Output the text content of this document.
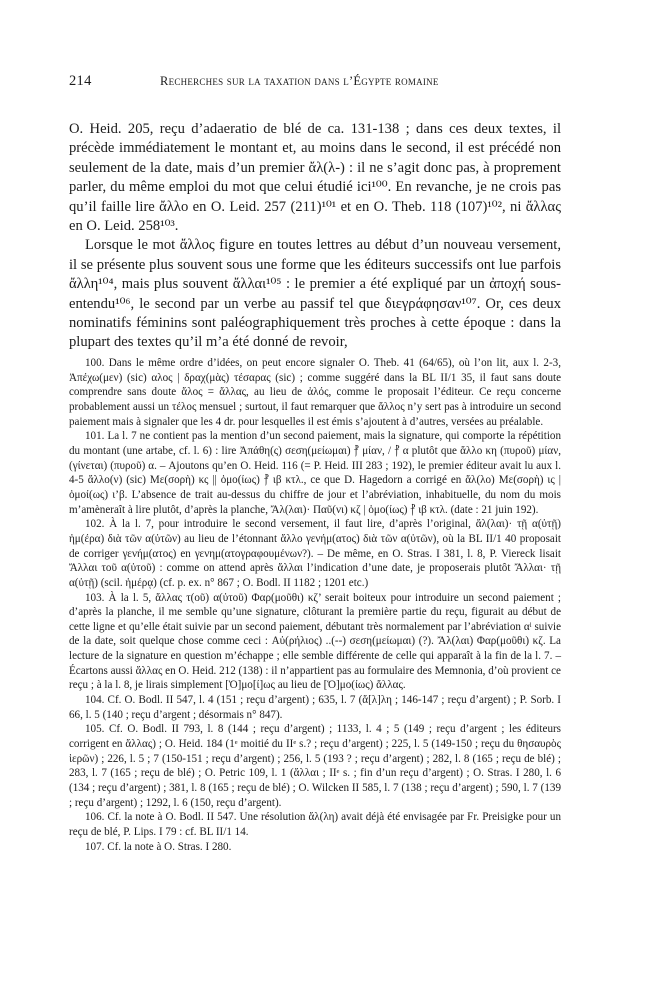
214	Recherches sur la taxation dans l’Égypte romaine

O. Heid. 205, reçu d’adaeratio de blé de ca. 131-138 ; dans ces deux textes, il précède immédiatement le montant et, au moins dans le second, il est précédé non seulement de la date, mais d’un premier ἄλ(λ-) : il ne s’agit donc pas, à proprement parler, du même emploi du mot que celui étudié ici¹⁰⁰. En revanche, je ne crois pas qu’il faille lire ἄλλο en O. Leid. 257 (211)¹⁰¹ et en O. Theb. 118 (107)¹⁰², ni ἄλλας en O. Leid. 258¹⁰³.

Lorsque le mot ἄλλος figure en toutes lettres au début d’un nouveau versement, il se présente plus souvent sous une forme que les éditeurs successifs ont lue parfois ἄλλη¹⁰⁴, mais plus souvent ἄλλαι¹⁰⁵ : le premier a été expliqué par un ἀποχή sous-entendu¹⁰⁶, le second par un verbe au passif tel que διεγράφησαν¹⁰⁷. Or, ces deux nominatifs féminins sont paléographiquement très proches à cette époque : dans la plupart des textes qu’il m’a été donné de revoir,

100. Dans le même ordre d’idées, on peut encore signaler O. Theb. 41 (64/65), où l’on lit, aux l. 2-3, Ἀπέχω(μεν) (sic) αλος | δραχ(μὰς) τέσαρας (sic) ; comme suggéré dans la BL II/1 35, il faut sans doute comprendre sans doute ἄλος = ἄλλας, au lieu de ἁλός, comme le proposait l’éditeur. Ce reçu concerne probablement aussi un τέλος mensuel ; surtout, il faut remarquer que ἄλλος n’y sert pas à introduire un second paiement mais à signaler que les 4 dr. pour lesquelles il est émis s’ajoutent à d’autres, versées au préalable.

101. La l. 7 ne contient pas la mention d’un second paiement, mais la signature, qui comporte la répétition du montant (une artabe, cf. l. 6) : lire Ἀπάθη(ς) σεση(μείωμαι) ⳨ μίαν, / ⳨ α plutôt que ἄλλο κη (πυροῦ) μίαν, (γίνεται) (πυροῦ) α. – Ajoutons qu’en O. Heid. 116 (= P. Heid. III 283 ; 192), le premier éditeur avait lu aux l. 4-5 ἄλλο(ν) (sic) Με(σορὴ) κς || ὁμο(ίως) ⳨ ιβ κτλ., ce que D. Hagedorn a corrigé en ἄλ(λο) Με(σορὴ) ις | ὁμοί(ως) ι’β. L’absence de trait au-dessus du chiffre de jour et l’abréviation, inhabituelle, du nom du mois m’amèneraît à lire plutôt, d’après la planche, Ἄλ(λαι)· Παῦ(νι) κζ | ὁμο(ίως) ⳨ ιβ κτλ. (date : 21 juin 192).

102. À la l. 7, pour introduire le second versement, il faut lire, d’après l’original, ἄλ(λαι)· τῇ α(ὐτῇ) ἡμ(έρα) διὰ τῶν α(ὐτῶν) au lieu de l’étonnant ἄλλο γενήμ(ατος) διὰ τῶν α(ὐτῶν), où la BL II/1 40 proposait de corriger γενήμ(ατος) en γενημ(ατογραφουμένων?). – De même, en O. Stras. I 381, l. 8, P. Viereck lisait Ἄλλαι τοῦ α(ὐτοῦ) : comme on attend après ἄλλαι l’indication d’une date, je proposerais plutôt Ἄλλαι· τῇ α(ὐτῇ) (scil. ἡμέρᾳ) (cf. p. ex. n° 867 ; O. Bodl. II 1182 ; 1201 etc.)

103. À la l. 5, ἄλλας τ(οῦ) α(ὐτοῦ) Φαρ(μοῦθι) κζ’ serait boiteux pour introduire un second paiement ; d’après la planche, il me semble qu’une signature, clôturant la première partie du reçu, figurait au début de cette ligne et qu’elle était suivie par un second paiement, débutant très normalement par l’abréviation αˡ suivie de la date, soit quelque chose comme ceci : Αὐ(ρήλιος) ..(--) σεση(μείωμαι) (?). Ἄλ(λαι) Φαρ(μοῦθι) κζ. La lecture de la signature en question m’échappe ; elle semble différente de celle qui apparaît à la fin de la l. 7. – Écartons aussi ἄλλας en O. Heid. 212 (138) : il n’appartient pas au formulaire des Memnonia, d’où provient ce reçu ; à la l. 8, je lirais simplement [Ὁ]μο[ί]ως au lieu de [Ὁ]μο(ίως) ἄλλας.

104. Cf. O. Bodl. II 547, l. 4 (151 ; reçu d’argent) ; 635, l. 7 (ἄ[λ]λη ; 146-147 ; reçu d’argent) ; P. Sorb. I 66, l. 5 (140 ; reçu d’argent ; désormais n° 847).

105. Cf. O. Bodl. II 793, l. 8 (144 ; reçu d’argent) ; 1133, l. 4 ; 5 (149 ; reçu d’argent ; les éditeurs corrigent en ἄλλας) ; O. Heid. 184 (1ᵉ moitié du IIᵉ s.? ; reçu d’argent) ; 225, l. 5 (149-150 ; reçu du θησαυρὸς ἱερῶν) ; 226, l. 5 ; 7 (150-151 ; reçu d’argent) ; 256, l. 5 (193 ? ; reçu d’argent) ; 282, l. 8 (165 ; reçu de blé) ; 283, l. 7 (165 ; reçu de blé) ; O. Petric 109, l. 1 (ἄλλαι ; IIᵉ s. ; fin d’un reçu d’argent) ; O. Stras. I 280, l. 6 (134 ; reçu d’argent) ; 381, l. 8 (165 ; reçu de blé) ; O. Wilcken II 585, l. 7 (138 ; reçu d’argent) ; 590, l. 7 (139 ; reçu d’argent) ; 1292, l. 6 (150, reçu d’argent).

106. Cf. la note à O. Bodl. II 547. Une résolution ἄλ(λη) avait déjà été envisagée par Fr. Preisigke pour un reçu de blé, P. Lips. I 79 : cf. BL II/1 14.

107. Cf. la note à O. Stras. I 280.
